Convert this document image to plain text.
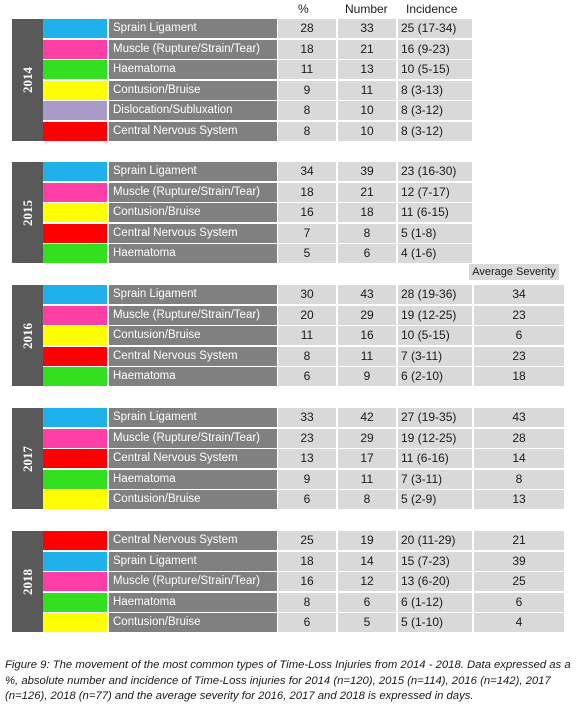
%	Number Incidence
Average Severity
2014
Sprain Ligament	28	33	25 (17-34)
Muscle (Rupture/Strain/Tear)	18	21	16 (9-23)
Haematoma	11	13	10 (5-15)
Contusion/Bruise	9	11	8 (3-13)
Dislocation/Subluxation	8	10	8 (3-12)
Central Nervous System	8	10	8 (3-12)
2015
Sprain Ligament	34	39	23 (16-30)
Muscle (Rupture/Strain/Tear)	18	21	12 (7-17)
Contusion/Bruise	16	18	11 (6-15)
Central Nervous System	7	8	5 (1-8)
Haematoma	5	6	4 (1-6)
2016
Sprain Ligament	30	43	28 (19-36)	34
Muscle (Rupture/Strain/Tear)	20	29	19 (12-25)	23
Contusion/Bruise	11	16	10 (5-15)	6
Central Nervous System	8	11	7 (3-11)	23
Haematoma	6	9	6 (2-10)	18
2017
Sprain Ligament	33	42	27 (19-35)	43
Muscle (Rupture/Strain/Tear)	23	29	19 (12-25)	28
Central Nervous System	13	17	11 (6-16)	14
Haematoma	9	11	7 (3-11)	8
Contusion/Bruise	6	8	5 (2-9)	13
2018
Central Nervous System	25	19	20 (11-29)	21
Sprain Ligament	18	14	15 (7-23)	39
Muscle (Rupture/Strain/Tear)	16	12	13 (6-20)	25
Haematoma	8	6	6 (1-12)	6
Contusion/Bruise	6	5	5 (1-10)	4
Figure 9: The movement of the most common types of Time-Loss Injuries from 2014 - 2018. Data expressed as a %, absolute number and incidence of Time-Loss injuries for 2014 (n=120), 2015 (n=114), 2016 (n=142), 2017 (n=126), 2018 (n=77) and the average severity for 2016, 2017 and 2018 is expressed in days.
